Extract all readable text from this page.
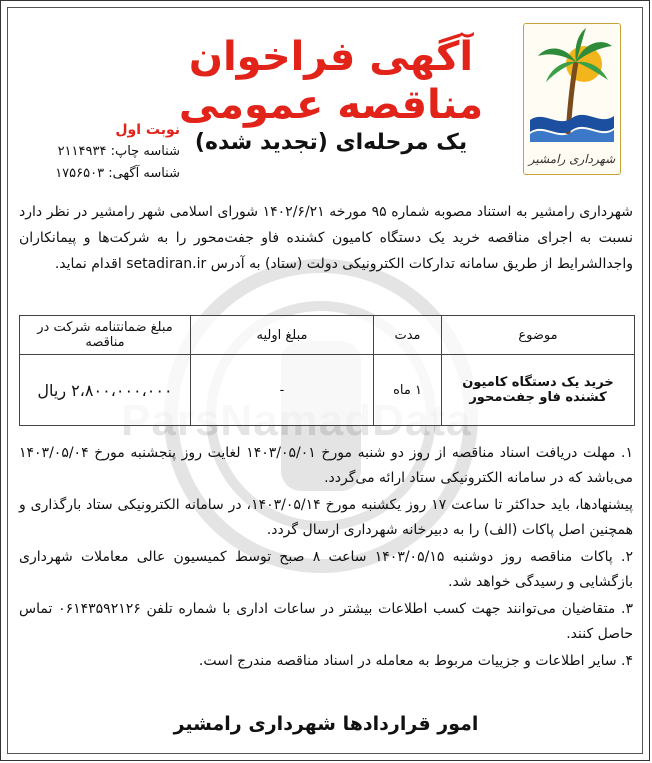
شهرداری رامشیر
آگهی فراخوان
مناقصه عمومی
یک مرحله‌ای (تجدید شده)
نوبت اول
شناسه چاپ: ۲۱۱۴۹۳۴
شناسه آگهی: ۱۷۵۶۵۰۳
شهرداری رامشیر به استناد مصوبه شماره ۹۵ مورخه ۱۴۰۲/۶/۲۱ شورای اسلامی شهر رامشیر در نظر دارد نسبت به اجرای مناقصه خرید یک دستگاه کامیون کشنده فاو جفت‌محور را به شرکت‌ها و پیمانکاران واجدالشرایط از طریق سامانه تدارکات الکترونیکی دولت (ستاد) به آدرس setadiran.ir اقدام نماید.
موضوع	مدت	مبلغ اولیه	مبلغ ضمانتنامه شرکت در مناقصه
خرید یک دستگاه کامیون کشنده فاو جفت‌محور	۱ ماه	-	۲،۸۰۰،۰۰۰،۰۰۰ ریال

۱. مهلت دریافت اسناد مناقصه از روز دو شنبه مورخ ۱۴۰۳/۰۵/۰۱ لغایت روز پنجشنبه مورخ ۱۴۰۳/۰۵/۰۴ می‌باشد که در سامانه الکترونیکی ستاد ارائه می‌گردد.

پیشنهادها، باید حداکثر تا ساعت ۱۷ روز یکشنبه مورخ ۱۴۰۳/۰۵/۱۴، در سامانه الکترونیکی ستاد بارگذاری و همچنین اصل پاکات (الف) را به دبیرخانه شهرداری ارسال گردد.

۲. پاکات مناقصه روز دوشنبه ۱۴۰۳/۰۵/۱۵ ساعت ۸ صبح توسط کمیسیون عالی معاملات شهرداری بازگشایی و رسیدگی خواهد شد.

۳. متقاضیان می‌توانند جهت کسب اطلاعات بیشتر در ساعات اداری با شماره تلفن ۰۶۱۴۳۵۹۲۱۲۶ تماس حاصل کنند.

۴. سایر اطلاعات و جزییات مربوط به معامله در اسناد مناقصه مندرج است.

امور قراردادها شهرداری رامشیر
